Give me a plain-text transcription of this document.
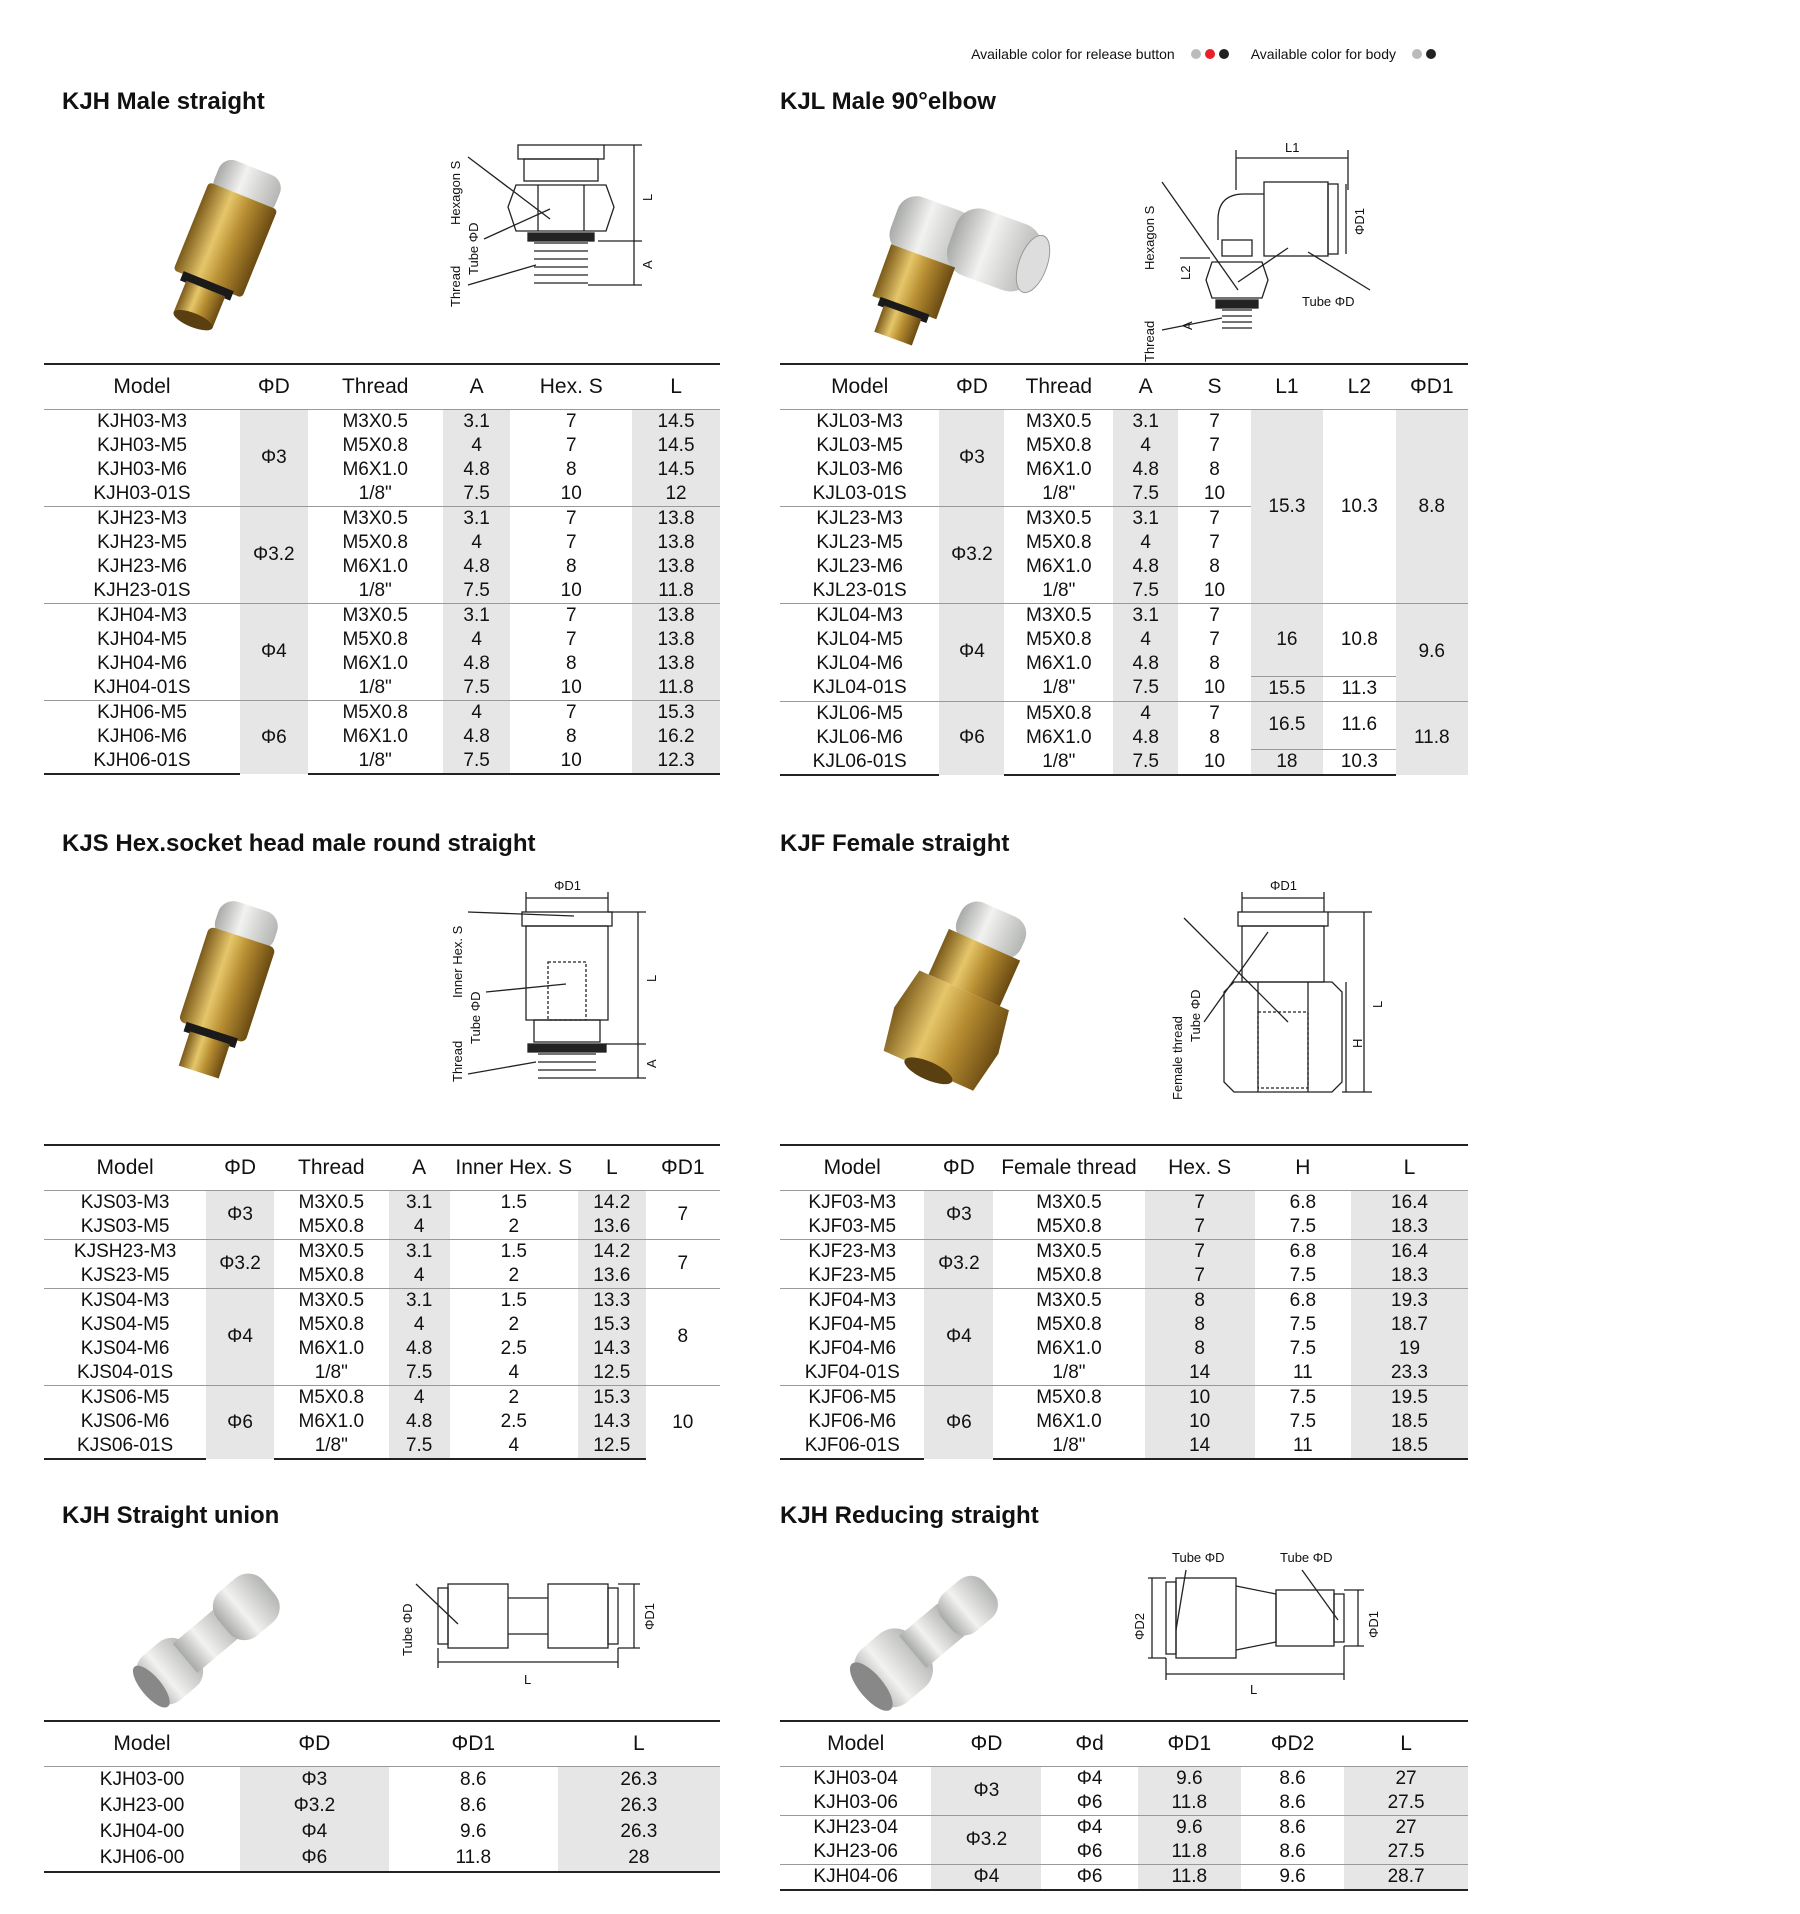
Available color for release button	Available color for body
KJH Male straight
Hexagon S
Tube ΦD
Thread
L
A
Model	ΦD	Thread	A	Hex. S	L
KJH03-M3	Φ3	M3X0.5	3.1	7	14.5
KJH03-M5		M5X0.8	4	7	14.5
KJH03-M6		M6X1.0	4.8	8	14.5
KJH03-01S		1/8"	7.5	10	12
KJH23-M3	Φ3.2	M3X0.5	3.1	7	13.8
KJH23-M5		M5X0.8	4	7	13.8
KJH23-M6		M6X1.0	4.8	8	13.8
KJH23-01S		1/8"	7.5	10	11.8
KJH04-M3	Φ4	M3X0.5	3.1	7	13.8
KJH04-M5		M5X0.8	4	7	13.8
KJH04-M6		M6X1.0	4.8	8	13.8
KJH04-01S		1/8"	7.5	10	11.8
KJH06-M5	Φ6	M5X0.8	4	7	15.3
KJH06-M6		M6X1.0	4.8	8	16.2
KJH06-01S		1/8"	7.5	10	12.3
KJL Male 90°elbow
L1
ΦD1
Hexagon S
L2
Tube ΦD
Thread A
Model	ΦD	Thread	A	S	L1	L2	ΦD1
KJL03-M3	Φ3	M3X0.5	3.1	7	15.3	10.3	8.8
KJL03-M5		M5X0.8	4	7			
KJL03-M6		M6X1.0	4.8	8			
KJL03-01S		1/8"	7.5	10			
KJL23-M3	Φ3.2	M3X0.5	3.1	7			
KJL23-M5		M5X0.8	4	7			
KJL23-M6		M6X1.0	4.8	8			
KJL23-01S		1/8"	7.5	10			
KJL04-M3	Φ4	M3X0.5	3.1	7	16	10.8	9.6
KJL04-M5		M5X0.8	4	7			
KJL04-M6		M6X1.0	4.8	8			
KJL04-01S		1/8"	7.5	10	15.5	11.3	
KJL06-M5	Φ6	M5X0.8	4	7	16.5	11.6	11.8
KJL06-M6		M6X1.0	4.8	8			
KJL06-01S		1/8"	7.5	10	18	10.3	
KJS Hex.socket head male round straight
ΦD1
Inner Hex. S
Tube ΦD
Thread
L
A
Model	ΦD	Thread	A	Inner Hex. S	L	ΦD1
KJS03-M3	Φ3	M3X0.5	3.1	1.5	14.2	7
KJS03-M5		M5X0.8	4	2	13.6	
KJSH23-M3	Φ3.2	M3X0.5	3.1	1.5	14.2	7
KJS23-M5		M5X0.8	4	2	13.6	
KJS04-M3	Φ4	M3X0.5	3.1	1.5	13.3	8
KJS04-M5		M5X0.8	4	2	15.3	
KJS04-M6		M6X1.0	4.8	2.5	14.3	
KJS04-01S		1/8"	7.5	4	12.5	
KJS06-M5	Φ6	M5X0.8	4	2	15.3	10
KJS06-M6		M6X1.0	4.8	2.5	14.3	
KJS06-01S		1/8"	7.5	4	12.5	
KJF Female straight
ΦD1
Female thread
Tube ΦD
H
L
Model	ΦD	Female thread	Hex. S	H	L
KJF03-M3	Φ3	M3X0.5	7	6.8	16.4
KJF03-M5		M5X0.8	7	7.5	18.3
KJF23-M3	Φ3.2	M3X0.5	7	6.8	16.4
KJF23-M5		M5X0.8	7	7.5	18.3
KJF04-M3	Φ4	M3X0.5	8	6.8	19.3
KJF04-M5		M5X0.8	8	7.5	18.7
KJF04-M6		M6X1.0	8	7.5	19
KJF04-01S		1/8"	14	11	23.3
KJF06-M5	Φ6	M5X0.8	10	7.5	19.5
KJF06-M6		M6X1.0	10	7.5	18.5
KJF06-01S		1/8"	14	11	18.5
KJH Straight union
Tube ΦD	ΦD1
L
Model	ΦD	ΦD1	L
KJH03-00	Φ3	8.6	26.3
KJH23-00	Φ3.2	8.6	26.3
KJH04-00	Φ4	9.6	26.3
KJH06-00	Φ6	11.8	28
KJH Reducing straight
Tube ΦD	Tube ΦD
ΦD2	ΦD1
L
Model	ΦD	Φd	ΦD1	ΦD2	L
KJH03-04	Φ3	Φ4	9.6	8.6	27
KJH03-06		Φ6	11.8	8.6	27.5
KJH23-04	Φ3.2	Φ4	9.6	8.6	27
KJH23-06		Φ6	11.8	8.6	27.5
KJH04-06	Φ4	Φ6	11.8	9.6	28.7
